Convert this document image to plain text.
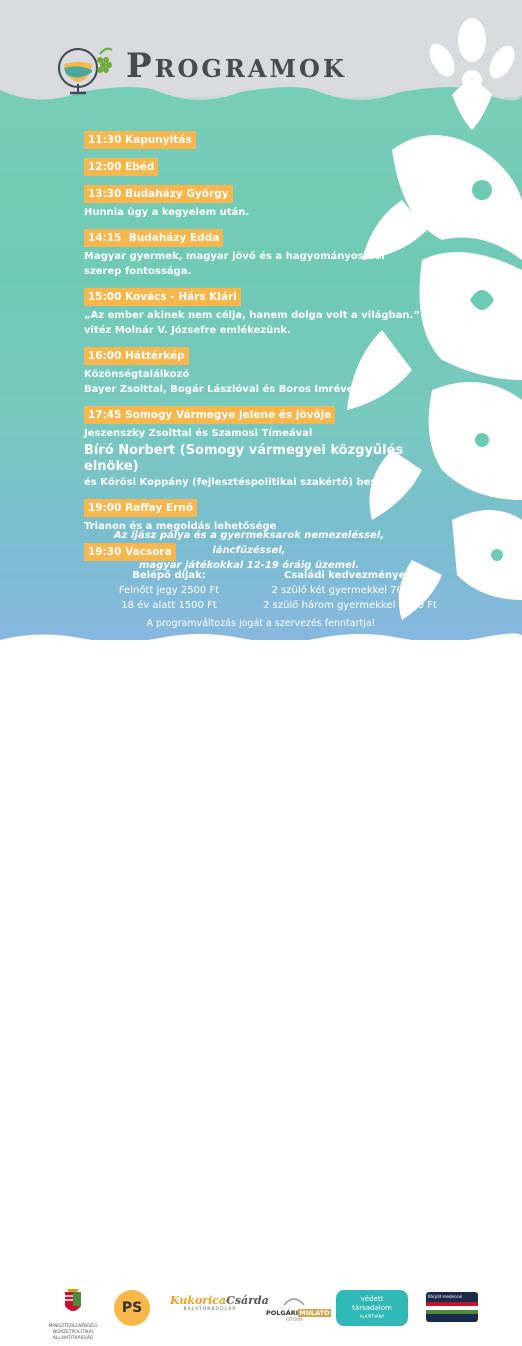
Programok
11:30 Kapunyitás
12:00 Ebéd
13:30 Budaházy György
Hunnia ügy a kegyelem után.
14:15 Budaházy Edda
Magyar gyermek, magyar jövő és a hagyományos női
szerep fontossága.
15:00 Kovács - Hárs Klári
„Az ember akinek nem célja, hanem dolga volt a világban.”
vitéz Molnár V. Józsefre emlékezünk.
16:00 Háttérkép
Közönségtalálkozó
Bayer Zsolttal, Bogár Lászlóval és Boros Imrével
17:45 Somogy Vármegye jelene és jövője
Jeszenszky Zsolttal és Szamosi Tímeával
Bíró Norbert (Somogy vármegyei közgyűlés elnöke)
és Kőrösi Koppány (fejlesztéspolitikai szakértő) beszélget.
19:00 Raffay Ernő
Trianon és a megoldás lehetősége
19:30 Vacsora
Az íjász pálya és a gyermeksarok nemezeléssel, láncfűzéssel,
magyar játékokkal 12-19 óráig üzemel.
Belépő díjak:
Felnőtt jegy 2500 Ft
18 év alatt 1500 Ft
Családi kedvezmények:
2 szülő két gyermekkel 7000 Ft
2 szülő három gyermekkel 8000 Ft
A programváltozás jogát a szervezés fenntartja!
MINISZTERELNÖKSÉG
NEMZETPOLITIKAI ÁLLAMTITKÁRSÁG
PS	KukoricaCsárda
BALATONBOGLÁR	POLGÁRIMULATÓ
ASTORIA
védett
társadalom
ALAPÍTVÁNY
Kárpát-medencei
